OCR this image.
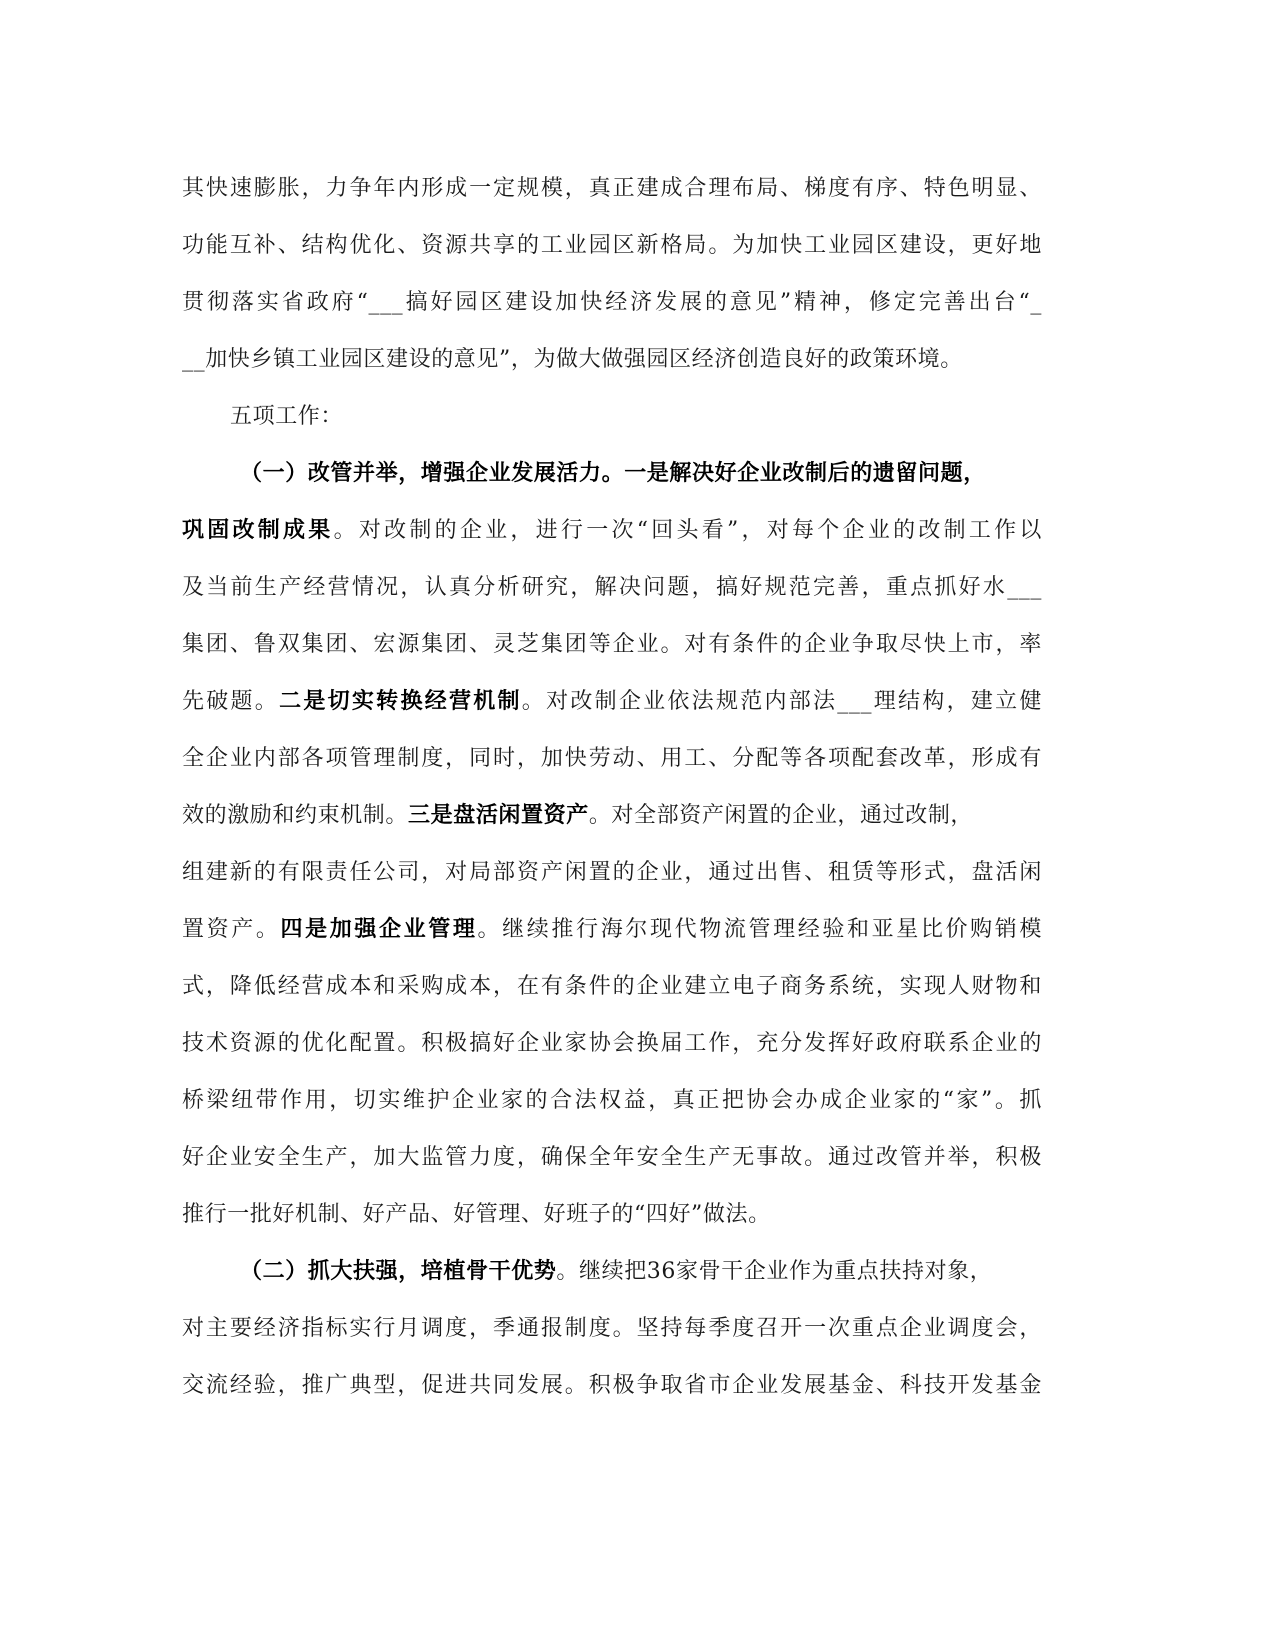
其快速膨胀，力争年内形成一定规模，真正建成合理布局、梯度有序、特色明显、
功能互补、结构优化、资源共享的工业园区新格局。为加快工业园区建设，更好地
贯彻落实省政府“___搞好园区建设加快经济发展的意见”精神，修定完善出台“_
__加快乡镇工业园区建设的意见”，为做大做强园区经济创造良好的政策环境。
五项工作：
（一）改管并举，增强企业发展活力。一是解决好企业改制后的遗留问题，
巩固改制成果。对改制的企业，进行一次“回头看”，对每个企业的改制工作以
及当前生产经营情况，认真分析研究，解决问题，搞好规范完善，重点抓好水___
集团、鲁双集团、宏源集团、灵芝集团等企业。对有条件的企业争取尽快上市，率
先破题。二是切实转换经营机制。对改制企业依法规范内部法___理结构，建立健
全企业内部各项管理制度，同时，加快劳动、用工、分配等各项配套改革，形成有
效的激励和约束机制。三是盘活闲置资产。对全部资产闲置的企业，通过改制，
组建新的有限责任公司，对局部资产闲置的企业，通过出售、租赁等形式，盘活闲
置资产。四是加强企业管理。继续推行海尔现代物流管理经验和亚星比价购销模
式，降低经营成本和采购成本，在有条件的企业建立电子商务系统，实现人财物和
技术资源的优化配置。积极搞好企业家协会换届工作，充分发挥好政府联系企业的
桥梁纽带作用，切实维护企业家的合法权益，真正把协会办成企业家的“家”。抓
好企业安全生产，加大监管力度，确保全年安全生产无事故。通过改管并举，积极
推行一批好机制、好产品、好管理、好班子的“四好”做法。
（二）抓大扶强，培植骨干优势。继续把36家骨干企业作为重点扶持对象，
对主要经济指标实行月调度，季通报制度。坚持每季度召开一次重点企业调度会，
交流经验，推广典型，促进共同发展。积极争取省市企业发展基金、科技开发基金
